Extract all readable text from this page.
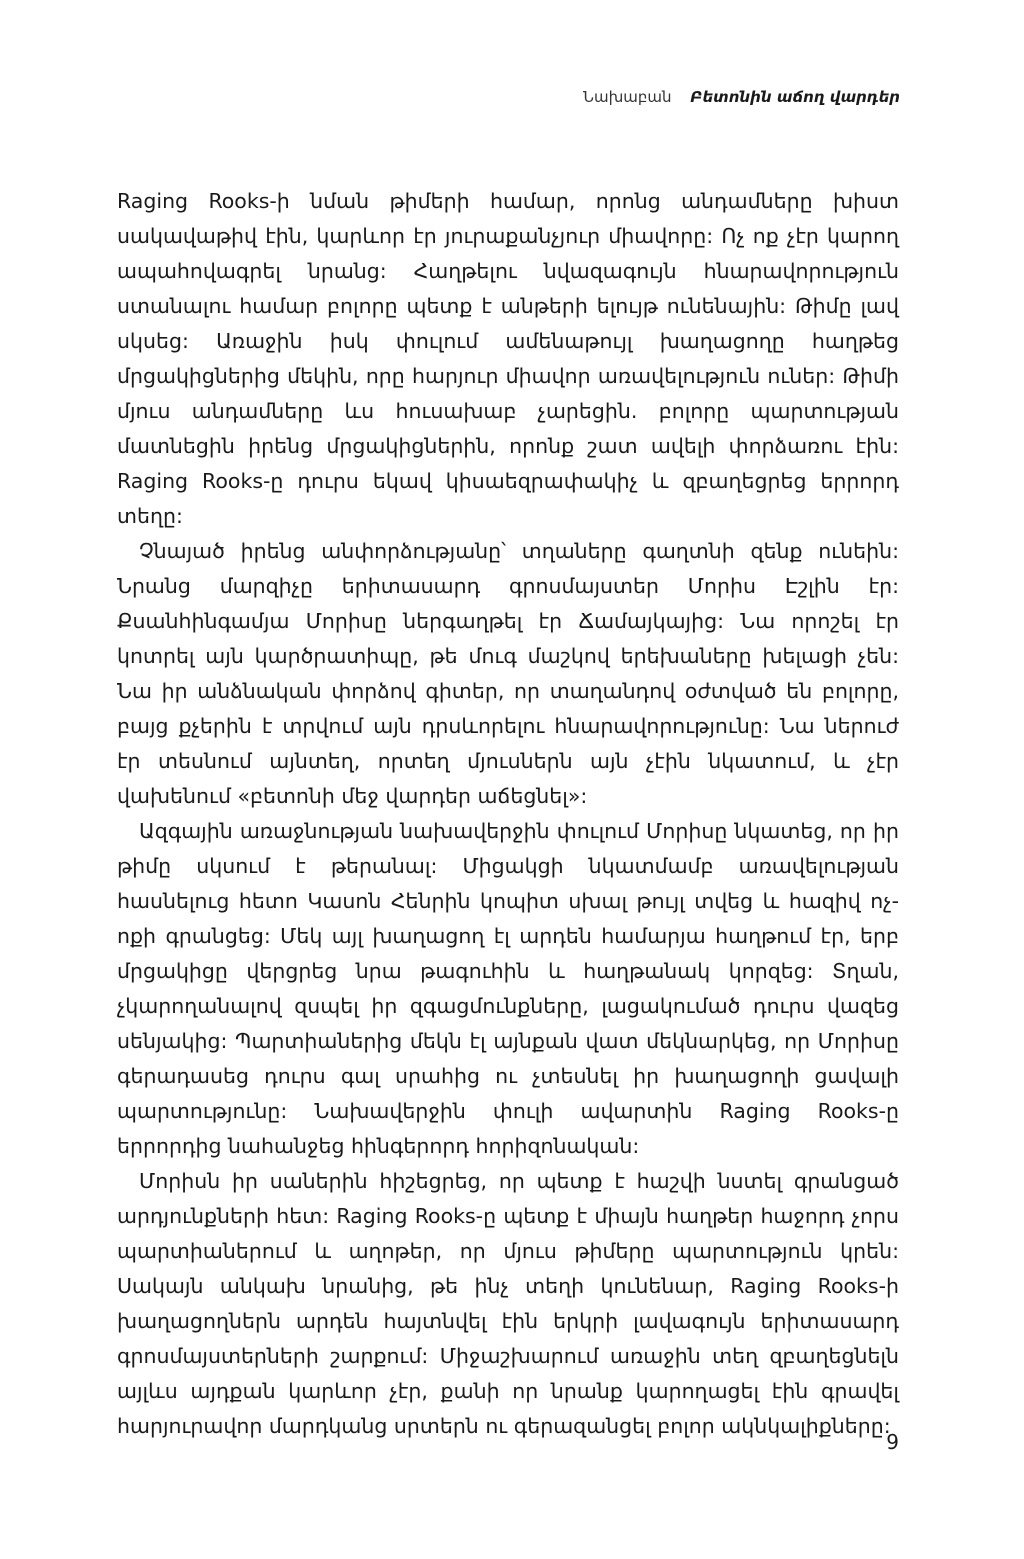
Նախաբան Բետոնին աճող վարդեր

Raging Rooks-ի նման թիմերի համար, որոնց անդամները խիստ սակավաթիվ էին, կարևոր էր յուրաքանչյուր միավորը: Ոչ ոք չէր կարող ապահովագրել նրանց: Հաղթելու նվազագույն հնարավորություն ստանալու համար բոլորը պետք է անթերի ելույթ ունենային: Թիմը լավ սկսեց: Առաջին իսկ փուլում ամենաթույլ խաղացողը հաղթեց մրցակիցներից մեկին, որը հարյուր միավոր առավելություն ուներ: Թիմի մյուս անդամները ևս հուսախաբ չարեցին. բոլորը պարտության մատնեցին իրենց մրցակիցներին, որոնք շատ ավելի փորձառու էին: Raging Rooks-ը դուրս եկավ կիսաեզրափակիչ և զբաղեցրեց երրորդ տեղը:

Չնայած իրենց անփորձությանը՝ տղաները գաղտնի զենք ունեին: Նրանց մարզիչը երիտասարդ գրոսմայստեր Մորիս Էշլին էր: Քսանհինգամյա Մորիսը ներգաղթել էր Ճամայկայից: Նա որոշել էր կոտրել այն կարծրատիպը, թե մուգ մաշկով երեխաները խելացի չեն: Նա իր անձնական փորձով գիտեր, որ տաղանդով օժտված են բոլորը, բայց քչերին է տրվում այն դրսևորելու հնարավորությունը: Նա ներուժ էր տեսնում այնտեղ, որտեղ մյուսներն այն չէին նկատում, և չէր վախենում «բետոնի մեջ վարդեր աճեցնել»:

Ազգային առաջնության նախավերջին փուլում Մորիսը նկատեց, որ իր թիմը սկսում է թերանալ: Միցակցի նկատմամբ առավելության հասնելուց հետո Կասոն Հենրին կոպիտ սխալ թույլ տվեց և հազիվ ոչ-ոքի գրանցեց: Մեկ այլ խաղացող էլ արդեն համարյա հաղթում էր, երբ մրցակիցը վերցրեց նրա թագուհին և հաղթանակ կորզեց: Տղան, չկարողանալով զսպել իր զգացմունքները, լացակումած դուրս վազեց սենյակից: Պարտիաներից մեկն էլ այնքան վատ մեկնարկեց, որ Մորիսը գերադասեց դուրս գալ սրահից ու չտեսնել իր խաղացողի ցավալի պարտությունը: Նախավերջին փուլի ավարտին Raging Rooks-ը երրորդից նահանջեց հինգերորդ հորիզոնական:

Մորիսն իր սաներին հիշեցրեց, որ պետք է հաշվի նստել գրանցած արդյունքների հետ: Raging Rooks-ը պետք է միայն հաղթեր հաջորդ չորս պարտիաներում և աղոթեր, որ մյուս թիմերը պարտություն կրեն: Սակայն անկախ նրանից, թե ինչ տեղի կունենար, Raging Rooks-ի խաղացողներն արդեն հայտնվել էին երկրի լավագույն երիտասարդ գրոսմայստերների շարքում: Միջաշխարում առաջին տեղ զբաղեցնելն այլևս այդքան կարևոր չէր, քանի որ նրանք կարողացել էին գրավել հարյուրավոր մարդկանց սրտերն ու գերազանցել բոլոր ակնկալիքները:

9
